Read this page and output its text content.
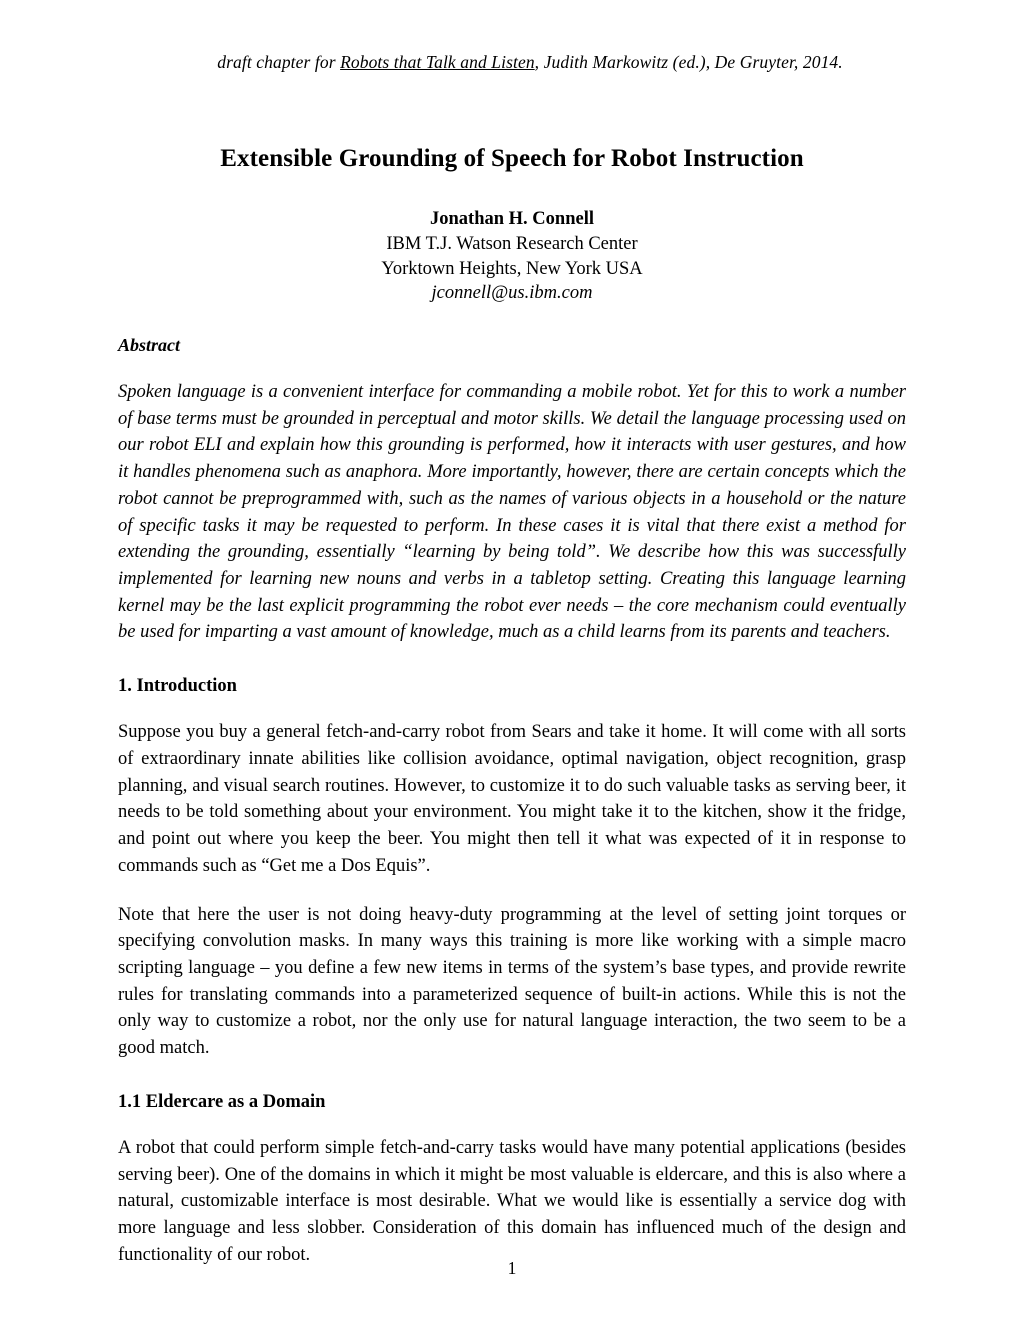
draft chapter for Robots that Talk and Listen, Judith Markowitz (ed.), De Gruyter, 2014.
Extensible Grounding of Speech for Robot Instruction
Jonathan H. Connell
IBM T.J. Watson Research Center
Yorktown Heights, New York USA
jconnell@us.ibm.com
Abstract
Spoken language is a convenient interface for commanding a mobile robot. Yet for this to work a number of base terms must be grounded in perceptual and motor skills. We detail the language processing used on our robot ELI and explain how this grounding is performed, how it interacts with user gestures, and how it handles phenomena such as anaphora. More importantly, however, there are certain concepts which the robot cannot be preprogrammed with, such as the names of various objects in a household or the nature of specific tasks it may be requested to perform. In these cases it is vital that there exist a method for extending the grounding, essentially “learning by being told”. We describe how this was successfully implemented for learning new nouns and verbs in a tabletop setting. Creating this language learning kernel may be the last explicit programming the robot ever needs – the core mechanism could eventually be used for imparting a vast amount of knowledge, much as a child learns from its parents and teachers.
1. Introduction
Suppose you buy a general fetch-and-carry robot from Sears and take it home. It will come with all sorts of extraordinary innate abilities like collision avoidance, optimal navigation, object recognition, grasp planning, and visual search routines. However, to customize it to do such valuable tasks as serving beer, it needs to be told something about your environment. You might take it to the kitchen, show it the fridge, and point out where you keep the beer. You might then tell it what was expected of it in response to commands such as “Get me a Dos Equis”.
Note that here the user is not doing heavy-duty programming at the level of setting joint torques or specifying convolution masks. In many ways this training is more like working with a simple macro scripting language – you define a few new items in terms of the system’s base types, and provide rewrite rules for translating commands into a parameterized sequence of built-in actions. While this is not the only way to customize a robot, nor the only use for natural language interaction, the two seem to be a good match.
1.1 Eldercare as a Domain
A robot that could perform simple fetch-and-carry tasks would have many potential applications (besides serving beer). One of the domains in which it might be most valuable is eldercare, and this is also where a natural, customizable interface is most desirable. What we would like is essentially a service dog with more language and less slobber. Consideration of this domain has influenced much of the design and functionality of our robot.
1
